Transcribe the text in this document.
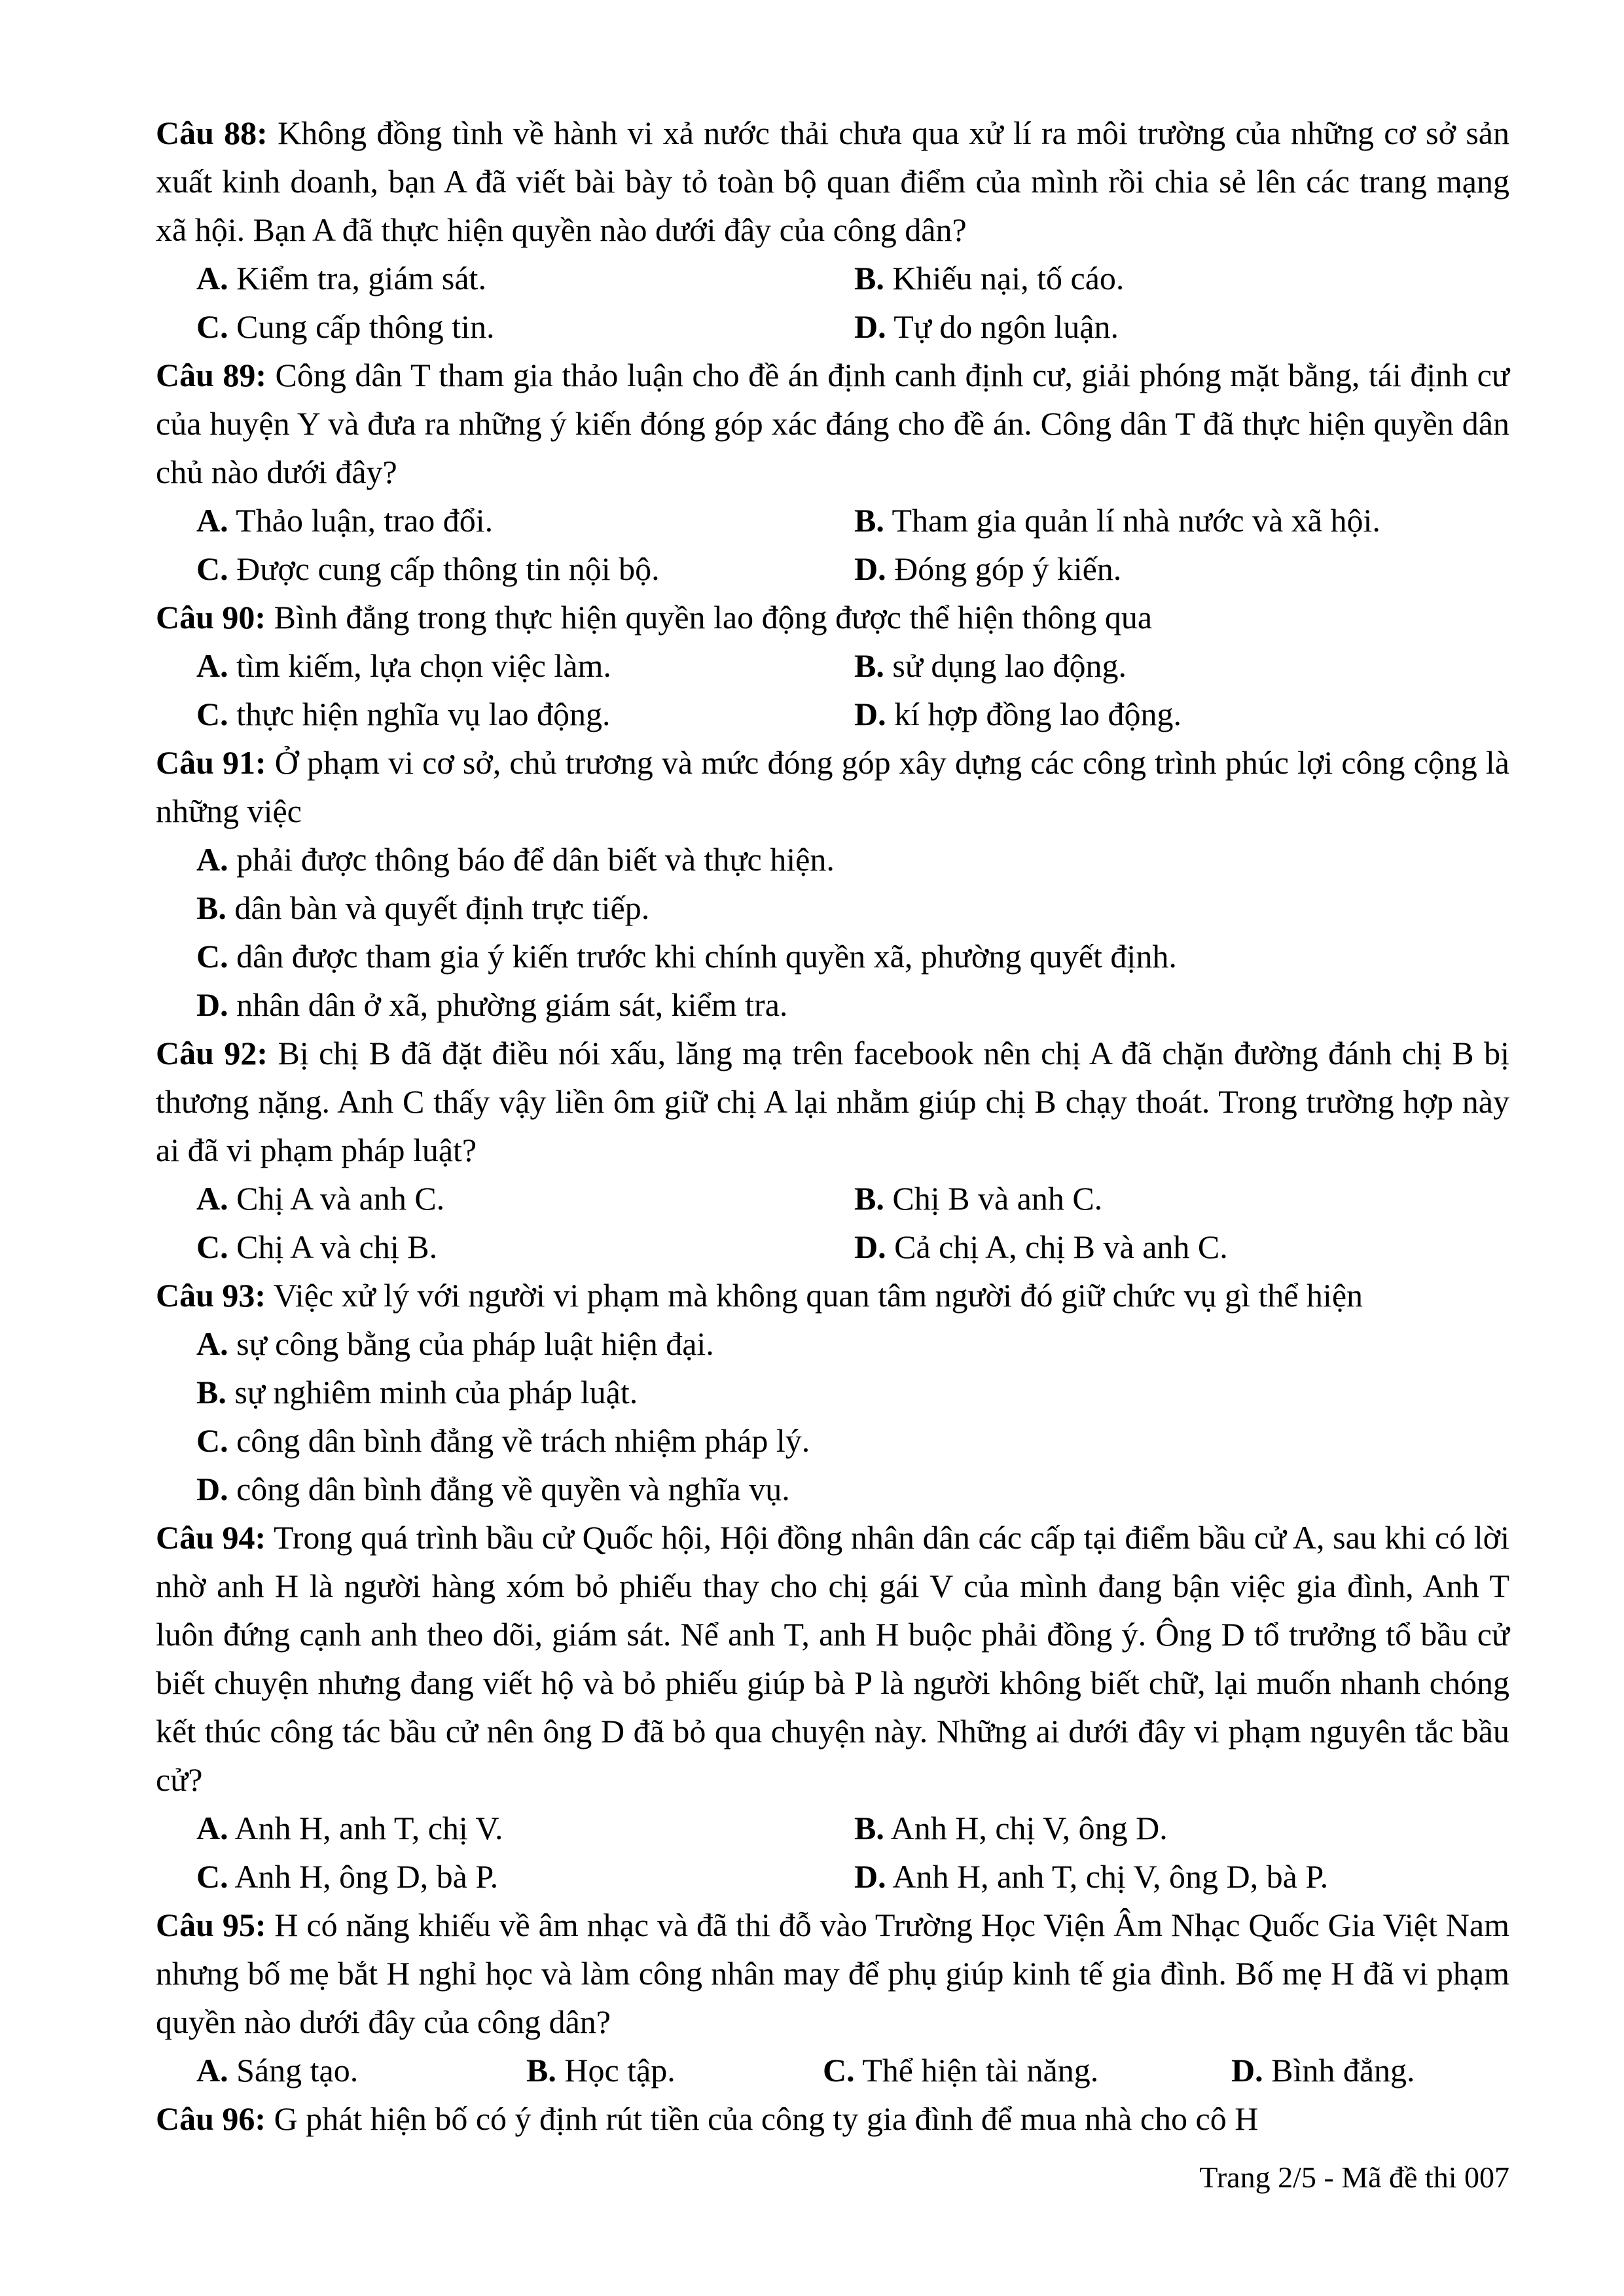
Câu 88: Không đồng tình về hành vi xả nước thải chưa qua xử lí ra môi trường của những cơ sở sản xuất kinh doanh, bạn A đã viết bài bày tỏ toàn bộ quan điểm của mình rồi chia sẻ lên các trang mạng xã hội. Bạn A đã thực hiện quyền nào dưới đây của công dân?

A. Kiểm tra, giám sát.	B. Khiếu nại, tố cáo.
C. Cung cấp thông tin.	D. Tự do ngôn luận.

Câu 89: Công dân T tham gia thảo luận cho đề án định canh định cư, giải phóng mặt bằng, tái định cư của huyện Y và đưa ra những ý kiến đóng góp xác đáng cho đề án. Công dân T đã thực hiện quyền dân chủ nào dưới đây?

A. Thảo luận, trao đổi.	B. Tham gia quản lí nhà nước và xã hội.
C. Được cung cấp thông tin nội bộ.	D. Đóng góp ý kiến.

Câu 90: Bình đẳng trong thực hiện quyền lao động được thể hiện thông qua

A. tìm kiếm, lựa chọn việc làm.	B. sử dụng lao động.
C. thực hiện nghĩa vụ lao động.	D. kí hợp đồng lao động.

Câu 91: Ở phạm vi cơ sở, chủ trương và mức đóng góp xây dựng các công trình phúc lợi công cộng là những việc

A. phải được thông báo để dân biết và thực hiện.
B. dân bàn và quyết định trực tiếp.
C. dân được tham gia ý kiến trước khi chính quyền xã, phường quyết định.
D. nhân dân ở xã, phường giám sát, kiểm tra.

Câu 92: Bị chị B đã đặt điều nói xấu, lăng mạ trên facebook nên chị A đã chặn đường đánh chị B bị thương nặng. Anh C thấy vậy liền ôm giữ chị A lại nhằm giúp chị B chạy thoát. Trong trường hợp này ai đã vi phạm pháp luật?

A. Chị A và anh C.	B. Chị B và anh C.
C. Chị A và chị B.	D. Cả chị A, chị B và anh C.

Câu 93: Việc xử lý với người vi phạm mà không quan tâm người đó giữ chức vụ gì thể hiện

A. sự công bằng của pháp luật hiện đại.
B. sự nghiêm minh của pháp luật.
C. công dân bình đẳng về trách nhiệm pháp lý.
D. công dân bình đẳng về quyền và nghĩa vụ.

Câu 94: Trong quá trình bầu cử Quốc hội, Hội đồng nhân dân các cấp tại điểm bầu cử A, sau khi có lời nhờ anh H là người hàng xóm bỏ phiếu thay cho chị gái V của mình đang bận việc gia đình, Anh T luôn đứng cạnh anh theo dõi, giám sát. Nể anh T, anh H buộc phải đồng ý. Ông D tổ trưởng tổ bầu cử biết chuyện nhưng đang viết hộ và bỏ phiếu giúp bà P là người không biết chữ, lại muốn nhanh chóng kết thúc công tác bầu cử nên ông D đã bỏ qua chuyện này. Những ai dưới đây vi phạm nguyên tắc bầu cử?

A. Anh H, anh T, chị V.	B. Anh H, chị V, ông D.
C. Anh H, ông D, bà P.	D. Anh H, anh T, chị V, ông D, bà P.

Câu 95: H có năng khiếu về âm nhạc và đã thi đỗ vào Trường Học Viện Âm Nhạc Quốc Gia Việt Nam nhưng bố mẹ bắt H nghỉ học và làm công nhân may để phụ giúp kinh tế gia đình. Bố mẹ H đã vi phạm quyền nào dưới đây của công dân?

A. Sáng tạo.	B. Học tập.	C. Thể hiện tài năng.	D. Bình đẳng.

Câu 96: G phát hiện bố có ý định rút tiền của công ty gia đình để mua nhà cho cô H

Trang 2/5 - Mã đề thi 007
